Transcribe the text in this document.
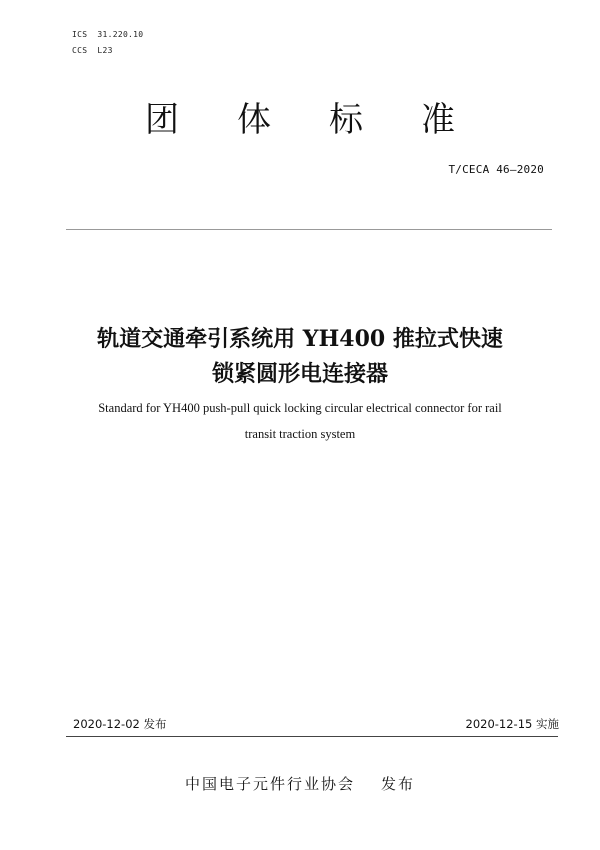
ICS 31.220.10
CCS L23
团体标准
T/CECA 46—2020
轨道交通牵引系统用 YH400 推拉式快速
锁紧圆形电连接器
Standard for YH400 push-pull quick locking circular electrical connector for rail
transit traction system
2020-12-02 发布	2020-12-15 实施
中国电子元件行业协会 发布
